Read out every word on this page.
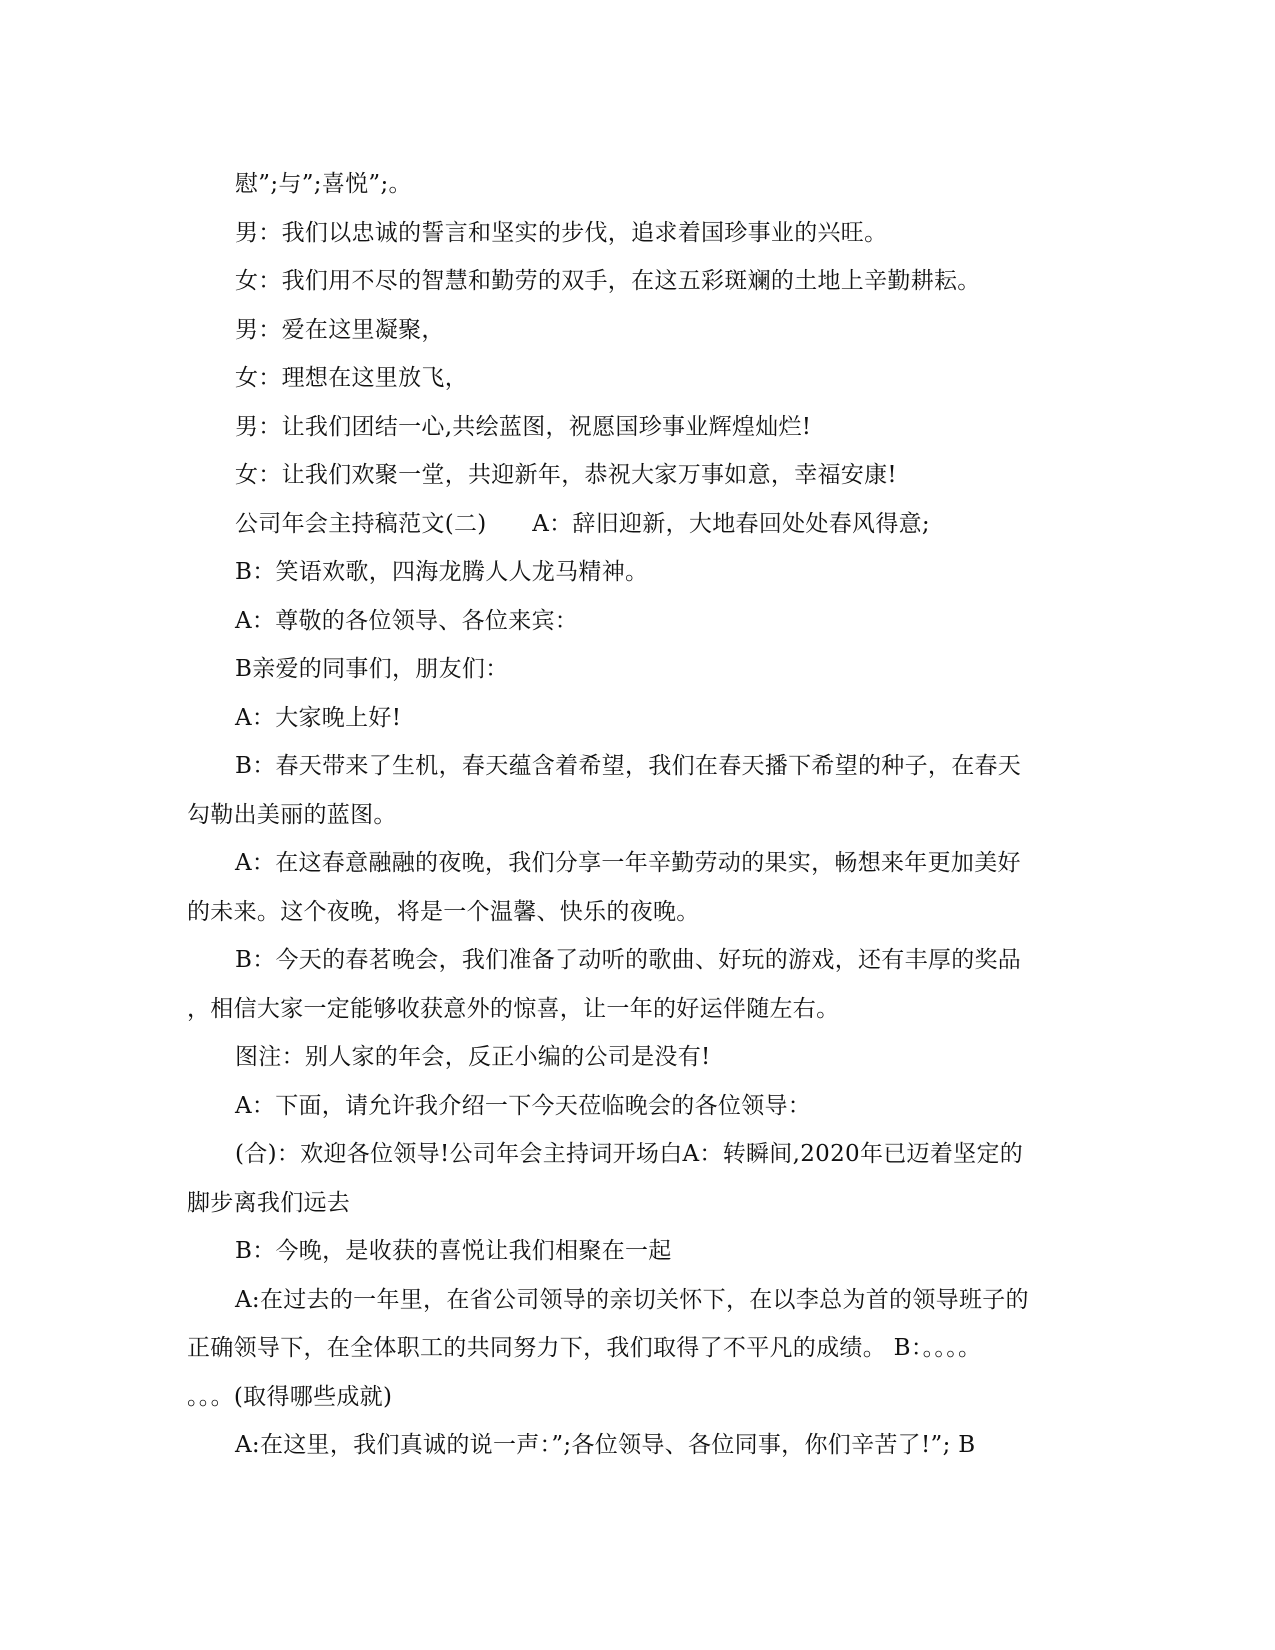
慰”;与”;喜悦”;。
男：我们以忠诚的誓言和坚实的步伐，追求着国珍事业的兴旺。
女：我们用不尽的智慧和勤劳的双手，在这五彩斑斓的土地上辛勤耕耘。
男：爱在这里凝聚，
女：理想在这里放飞，
男：让我们团结一心,共绘蓝图，祝愿国珍事业辉煌灿烂!
女：让我们欢聚一堂，共迎新年，恭祝大家万事如意，幸福安康!
公司年会主持稿范文(二)      A：辞旧迎新，大地春回处处春风得意;
B：笑语欢歌，四海龙腾人人龙马精神。
A：尊敬的各位领导、各位来宾：
B亲爱的同事们，朋友们：
A：大家晚上好!
B：春天带来了生机，春天蕴含着希望，我们在春天播下希望的种子，在春天
勾勒出美丽的蓝图。
A：在这春意融融的夜晚，我们分享一年辛勤劳动的果实，畅想来年更加美好
的未来。这个夜晚，将是一个温馨、快乐的夜晚。
B：今天的春茗晚会，我们准备了动听的歌曲、好玩的游戏，还有丰厚的奖品
，相信大家一定能够收获意外的惊喜，让一年的好运伴随左右。
图注：别人家的年会，反正小编的公司是没有!
A：下面，请允许我介绍一下今天莅临晚会的各位领导：
(合)：欢迎各位领导!公司年会主持词开场白A：转瞬间,2020年已迈着坚定的
脚步离我们远去
B：今晚，是收获的喜悦让我们相聚在一起
A:在过去的一年里，在省公司领导的亲切关怀下，在以李总为首的领导班子的
正确领导下，在全体职工的共同努力下，我们取得了不平凡的成绩。 B：。。。。
。。。(取得哪些成就)
A:在这里，我们真诚的说一声：”;各位领导、各位同事，你们辛苦了!”; B
